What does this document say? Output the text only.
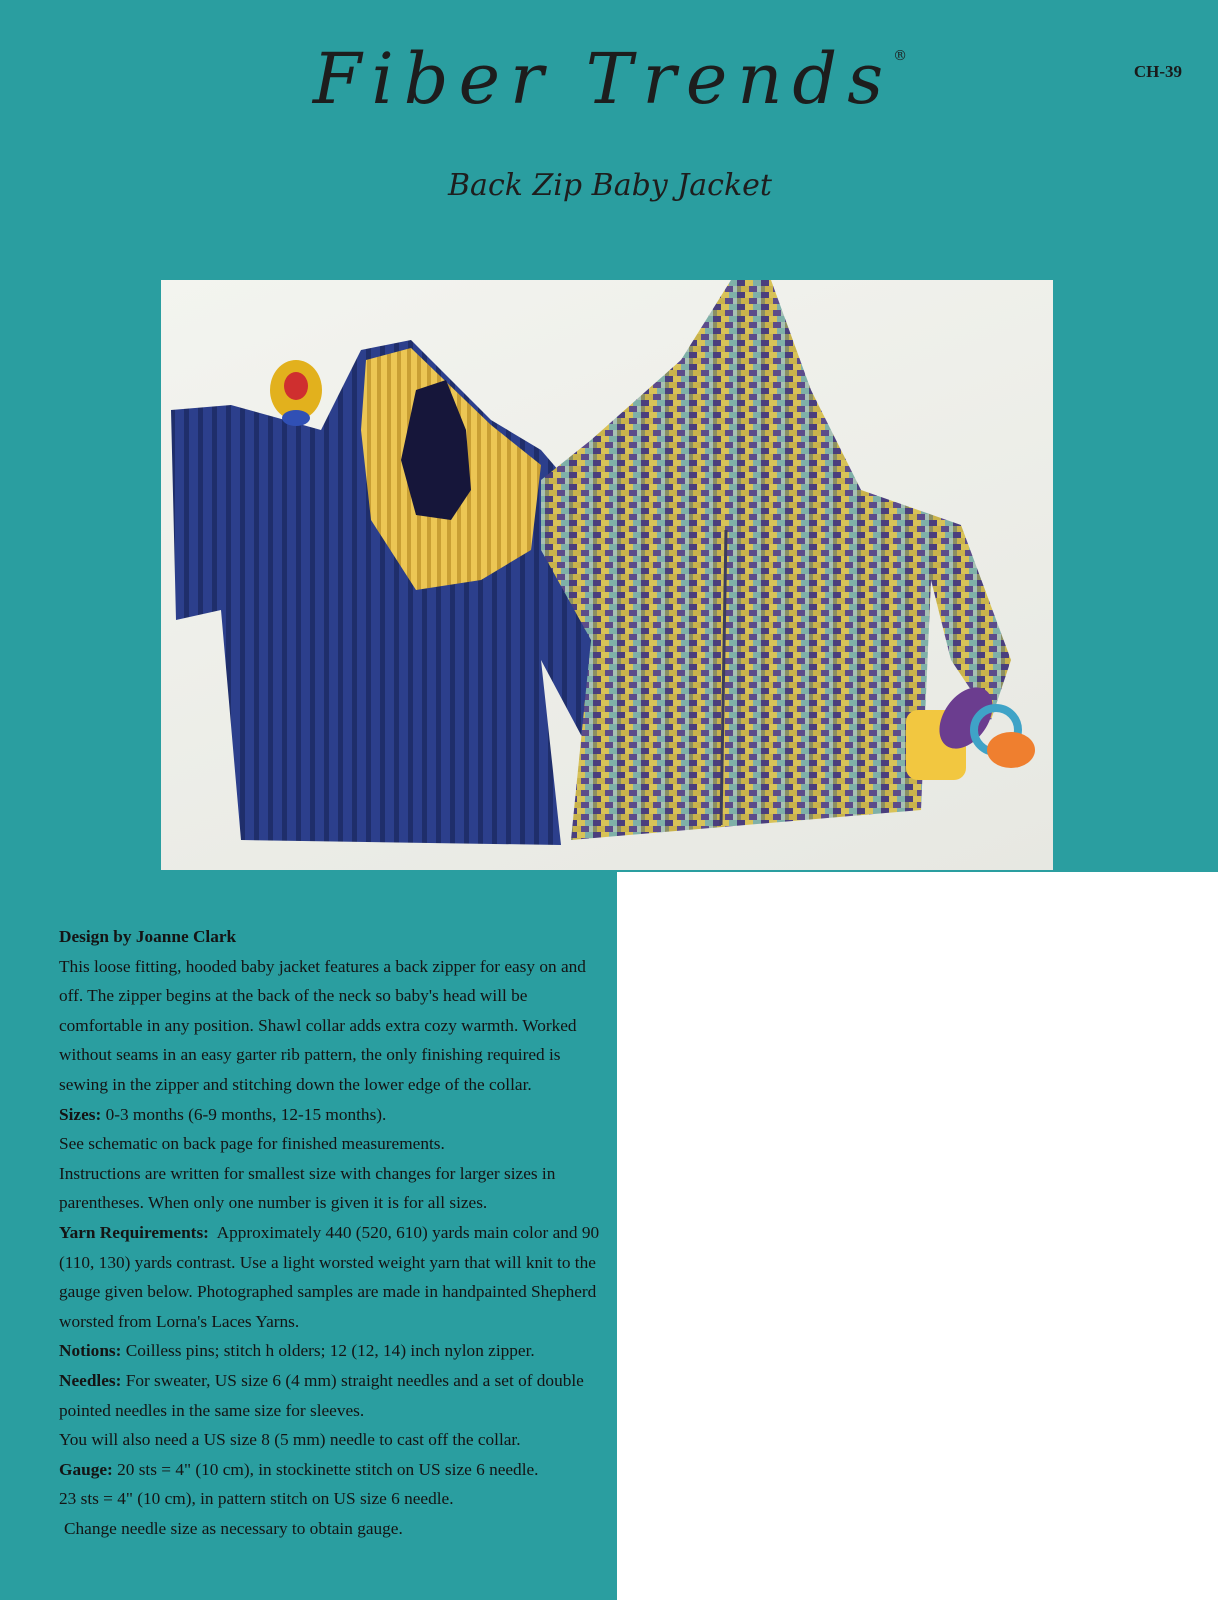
Fiber Trends®
CH-39
Back Zip Baby Jacket

Design by Joanne Clark

This loose fitting, hooded baby jacket features a back zipper for easy on and off. The zipper begins at the back of the neck so baby's head will be comfortable in any position. Shawl collar adds extra cozy warmth. Worked without seams in an easy garter rib pattern, the only finishing required is sewing in the zipper and stitching down the lower edge of the collar.

Sizes: 0-3 months (6-9 months, 12-15 months).

See schematic on back page for finished measurements.

Instructions are written for smallest size with changes for larger sizes in parentheses. When only one number is given it is for all sizes.

Yarn Requirements: Approximately 440 (520, 610) yards main color and 90 (110, 130) yards contrast. Use a light worsted weight yarn that will knit to the gauge given below. Photographed samples are made in handpainted Shepherd worsted from Lorna's Laces Yarns.

Notions: Coilless pins; stitch h olders; 12 (12, 14) inch nylon zipper.

Needles: For sweater, US size 6 (4 mm) straight needles and a set of double pointed needles in the same size for sleeves.

You will also need a US size 8 (5 mm) needle to cast off the collar.

Gauge: 20 sts = 4" (10 cm), in stockinette stitch on US size 6 needle.

23 sts = 4" (10 cm), in pattern stitch on US size 6 needle.

Change needle size as necessary to obtain gauge.
